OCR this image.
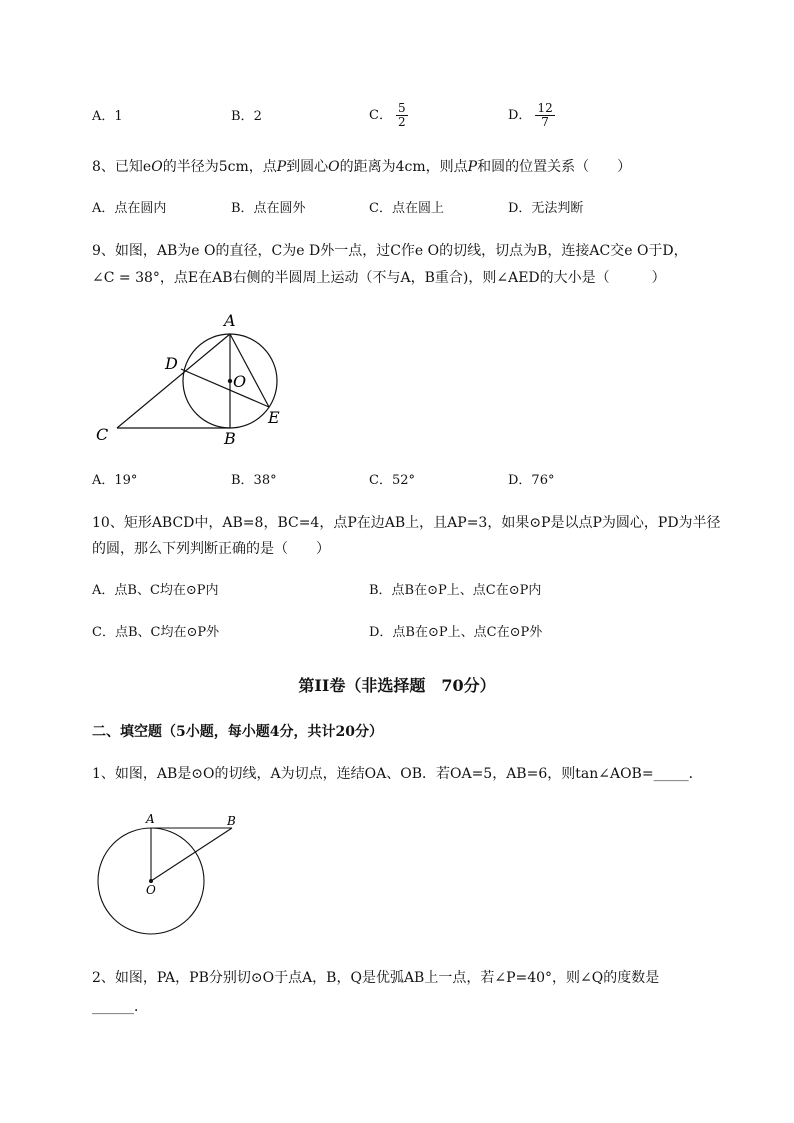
A．1	B．2	C． $\frac{5}{2}$	D． $\frac{12}{7}$
8、已知eO的半径为5cm，点P到圆心O的距离为4cm，则点P和圆的位置关系（　　）
A．点在圆内	B．点在圆外	C．点在圆上	D．无法判断
9、如图，AB为e O的直径，C为e D外一点，过C作e O的切线，切点为B，连接AC交e O于D，
∠C = 38°，点E在AB右侧的半圆周上运动（不与A，B重合)，则∠AED的大小是（　　　）
A
O
D
C	B
E
A．19°	B．38°	C．52°	D．76°
10、矩形ABCD中，AB=8，BC=4，点P在边AB上，且AP=3，如果⊙P是以点P为圆心，PD为半径
的圆，那么下列判断正确的是（　　）
A．点B、C均在⊙P内	B．点B在⊙P上、点C在⊙P内
C．点B、C均在⊙P外	D．点B在⊙P上、点C在⊙P外
第II卷（非选择题　70分）
二、填空题（5小题，每小题4分，共计20分）
1、如图，AB是⊙O的切线，A为切点，连结OA、OB．若OA=5，AB=6，则tan∠AOB=_____．
A	B
O
2、如图，PA，PB分别切⊙O于点A，B，Q是优弧AB上一点，若∠P=40°，则∠Q的度数是
______．
